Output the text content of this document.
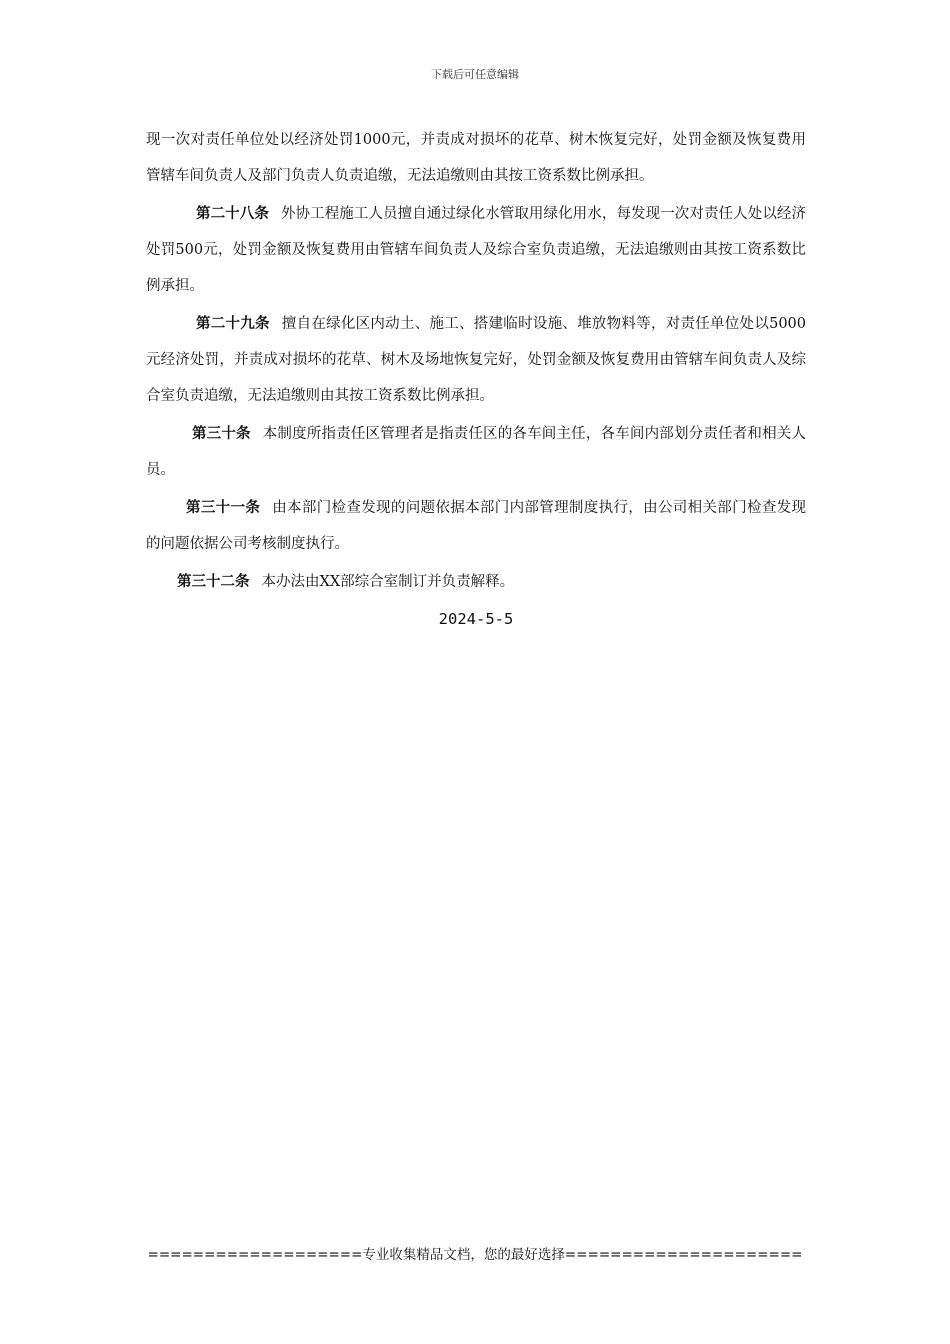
下载后可任意编辑

现一次对责任单位处以经济处罚1000元，并责成对损坏的花草、树木恢复完好，处罚金额及恢复费用管辖车间负责人及部门负责人负责追缴，无法追缴则由其按工资系数比例承担。

第二十八条 外协工程施工人员擅自通过绿化水管取用绿化用水，每发现一次对责任人处以经济处罚500元，处罚金额及恢复费用由管辖车间负责人及综合室负责追缴，无法追缴则由其按工资系数比例承担。

第二十九条 擅自在绿化区内动土、施工、搭建临时设施、堆放物料等，对责任单位处以5000元经济处罚，并责成对损坏的花草、树木及场地恢复完好，处罚金额及恢复费用由管辖车间负责人及综合室负责追缴，无法追缴则由其按工资系数比例承担。

第三十条 本制度所指责任区管理者是指责任区的各车间主任，各车间内部划分责任者和相关人员。

第三十一条 由本部门检查发现的问题依据本部门内部管理制度执行，由公司相关部门检查发现的问题依据公司考核制度执行。

第三十二条 本办法由XX部综合室制订并负责解释。

2024-5-5
===================专业收集精品文档，您的最好选择=====================
